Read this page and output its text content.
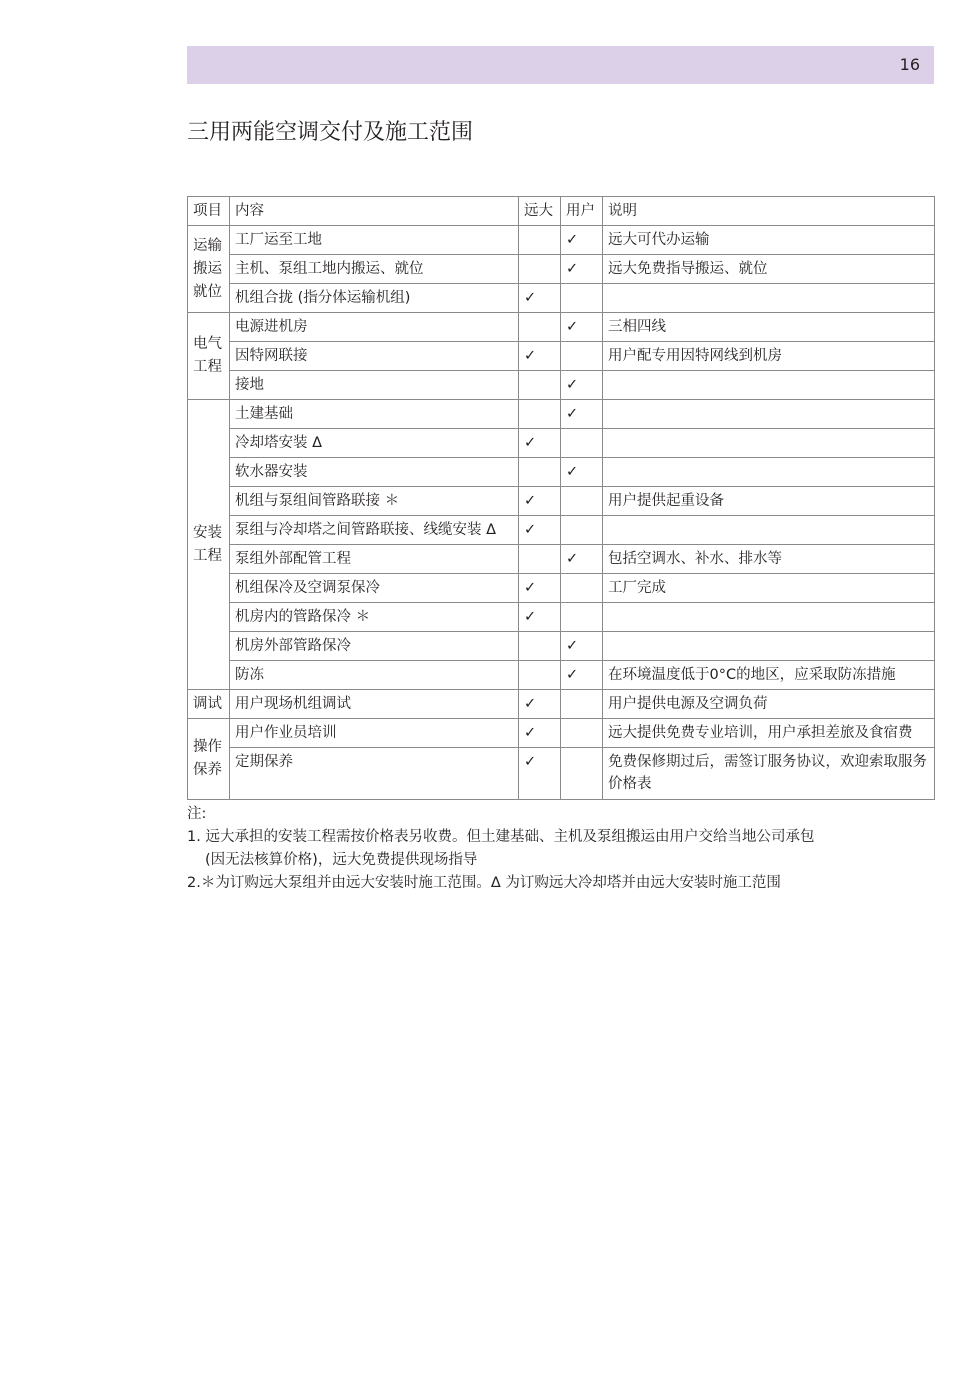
16
三用两能空调交付及施工范围
项目	内容	远大	用户	说明

运输搬运就位	工厂运至工地		✓	远大可代办运输
	主机、泵组工地内搬运、就位		✓	远大免费指导搬运、就位
	机组合拢 (指分体运输机组)	✓		

电气工程	电源进机房		✓	三相四线
	因特网联接	✓		用户配专用因特网线到机房
	接地		✓	

安装工程	土建基础		✓	
	冷却塔安装 Δ	✓		
	软水器安装		✓	
	机组与泵组间管路联接 ＊	✓		用户提供起重设备
	泵组与冷却塔之间管路联接、线缆安装 Δ	✓		
	泵组外部配管工程		✓	包括空调水、补水、排水等
	机组保冷及空调泵保冷	✓		工厂完成
	机房内的管路保冷 ＊	✓		
	机房外部管路保冷		✓	
	防冻		✓	在环境温度低于0°C的地区，应采取防冻措施

调试	用户现场机组调试	✓		用户提供电源及空调负荷

操作保养	用户作业员培训	✓		远大提供免费专业培训，用户承担差旅及食宿费
	定期保养	✓		免费保修期过后，需签订服务协议，欢迎索取服务价格表
注:
1. 远大承担的安装工程需按价格表另收费。但土建基础、主机及泵组搬运由用户交给当地公司承包
(因无法核算价格)，远大免费提供现场指导
2.＊为订购远大泵组并由远大安装时施工范围。Δ 为订购远大冷却塔并由远大安装时施工范围
